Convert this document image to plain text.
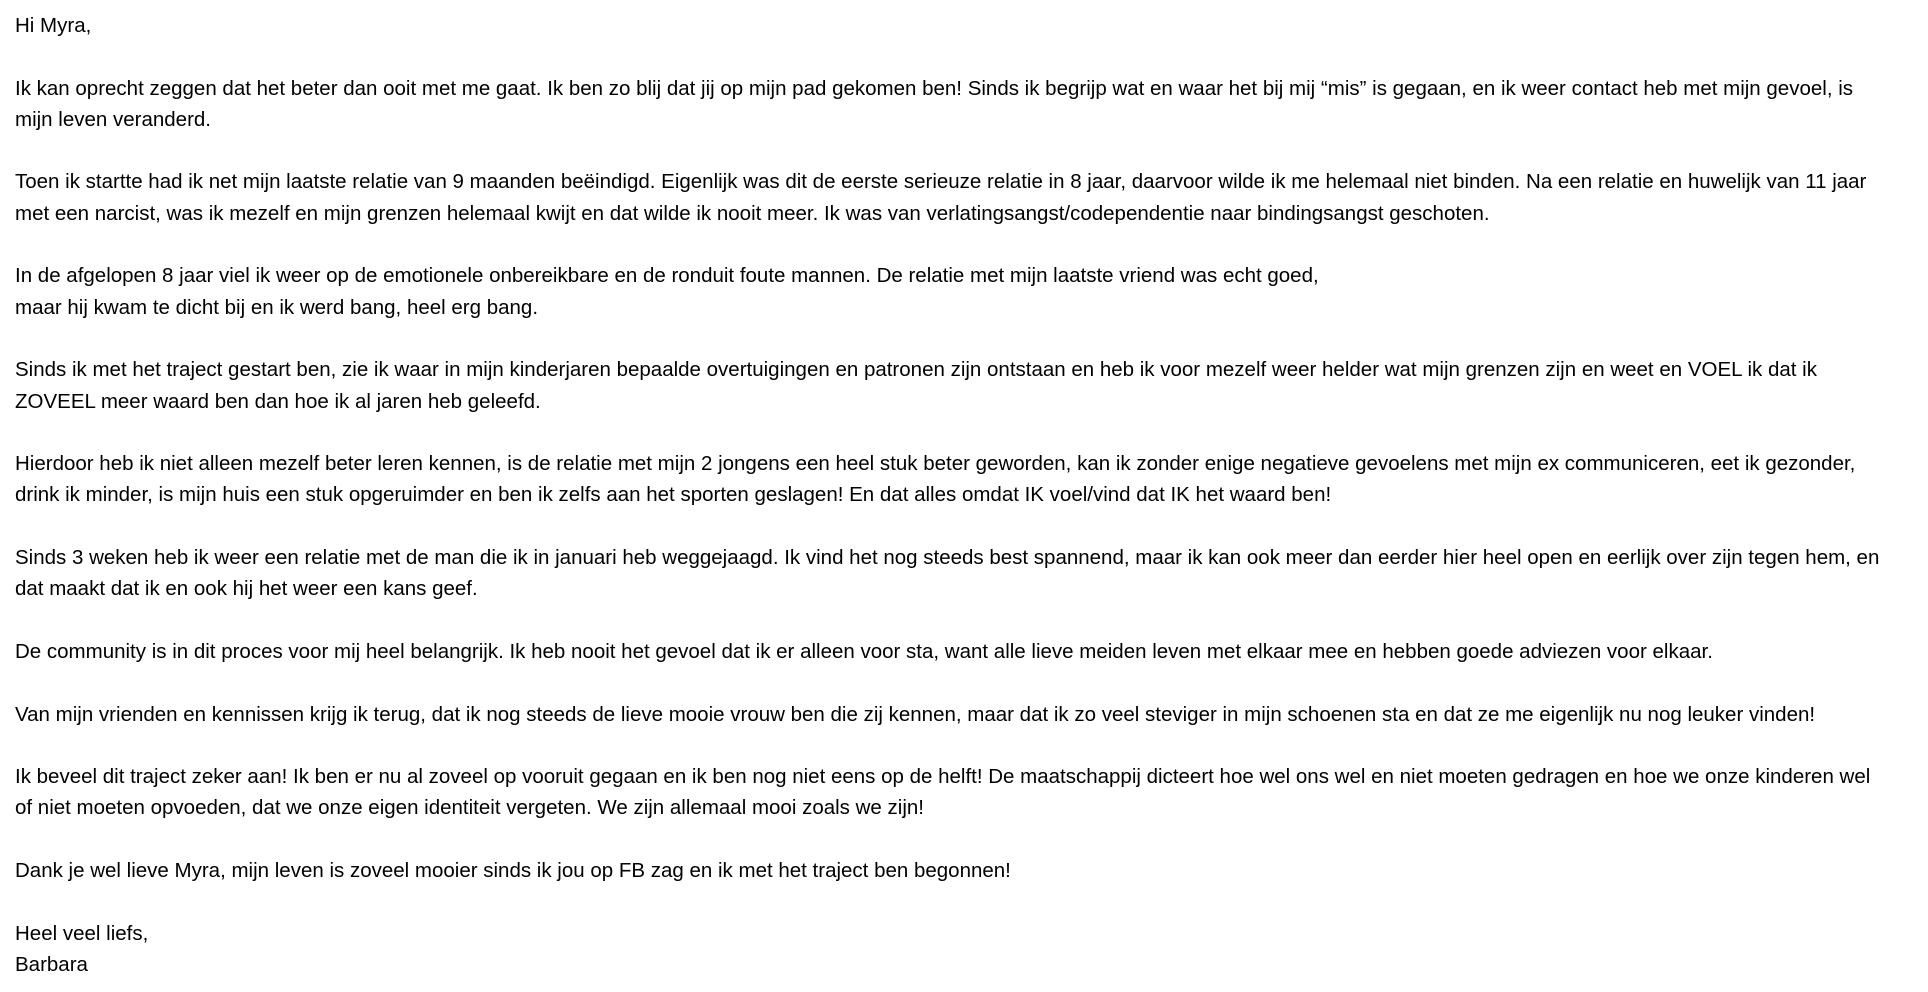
Hi Myra,
Ik kan oprecht zeggen dat het beter dan ooit met me gaat. Ik ben zo blij dat jij op mijn pad gekomen ben! Sinds ik begrijp wat en waar het bij mij “mis” is gegaan, en ik weer contact heb met mijn gevoel, is
mijn leven veranderd.
Toen ik startte had ik net mijn laatste relatie van 9 maanden beëindigd. Eigenlijk was dit de eerste serieuze relatie in 8 jaar, daarvoor wilde ik me helemaal niet binden. Na een relatie en huwelijk van 11 jaar
met een narcist, was ik mezelf en mijn grenzen helemaal kwijt en dat wilde ik nooit meer. Ik was van verlatingsangst/codependentie naar bindingsangst geschoten.
In de afgelopen 8 jaar viel ik weer op de emotionele onbereikbare en de ronduit foute mannen. De relatie met mijn laatste vriend was echt goed,
maar hij kwam te dicht bij en ik werd bang, heel erg bang.
Sinds ik met het traject gestart ben, zie ik waar in mijn kinderjaren bepaalde overtuigingen en patronen zijn ontstaan en heb ik voor mezelf weer helder wat mijn grenzen zijn en weet en VOEL ik dat ik
ZOVEEL meer waard ben dan hoe ik al jaren heb geleefd.
Hierdoor heb ik niet alleen mezelf beter leren kennen, is de relatie met mijn 2 jongens een heel stuk beter geworden, kan ik zonder enige negatieve gevoelens met mijn ex communiceren, eet ik gezonder,
drink ik minder, is mijn huis een stuk opgeruimder en ben ik zelfs aan het sporten geslagen! En dat alles omdat IK voel/vind dat IK het waard ben!
Sinds 3 weken heb ik weer een relatie met de man die ik in januari heb weggejaagd. Ik vind het nog steeds best spannend, maar ik kan ook meer dan eerder hier heel open en eerlijk over zijn tegen hem, en
dat maakt dat ik en ook hij het weer een kans geef.
De community is in dit proces voor mij heel belangrijk. Ik heb nooit het gevoel dat ik er alleen voor sta, want alle lieve meiden leven met elkaar mee en hebben goede adviezen voor elkaar.
Van mijn vrienden en kennissen krijg ik terug, dat ik nog steeds de lieve mooie vrouw ben die zij kennen, maar dat ik zo veel steviger in mijn schoenen sta en dat ze me eigenlijk nu nog leuker vinden!
Ik beveel dit traject zeker aan! Ik ben er nu al zoveel op vooruit gegaan en ik ben nog niet eens op de helft! De maatschappij dicteert hoe wel ons wel en niet moeten gedragen en hoe we onze kinderen wel
of niet moeten opvoeden, dat we onze eigen identiteit vergeten. We zijn allemaal mooi zoals we zijn!
Dank je wel lieve Myra, mijn leven is zoveel mooier sinds ik jou op FB zag en ik met het traject ben begonnen!
Heel veel liefs,
Barbara
